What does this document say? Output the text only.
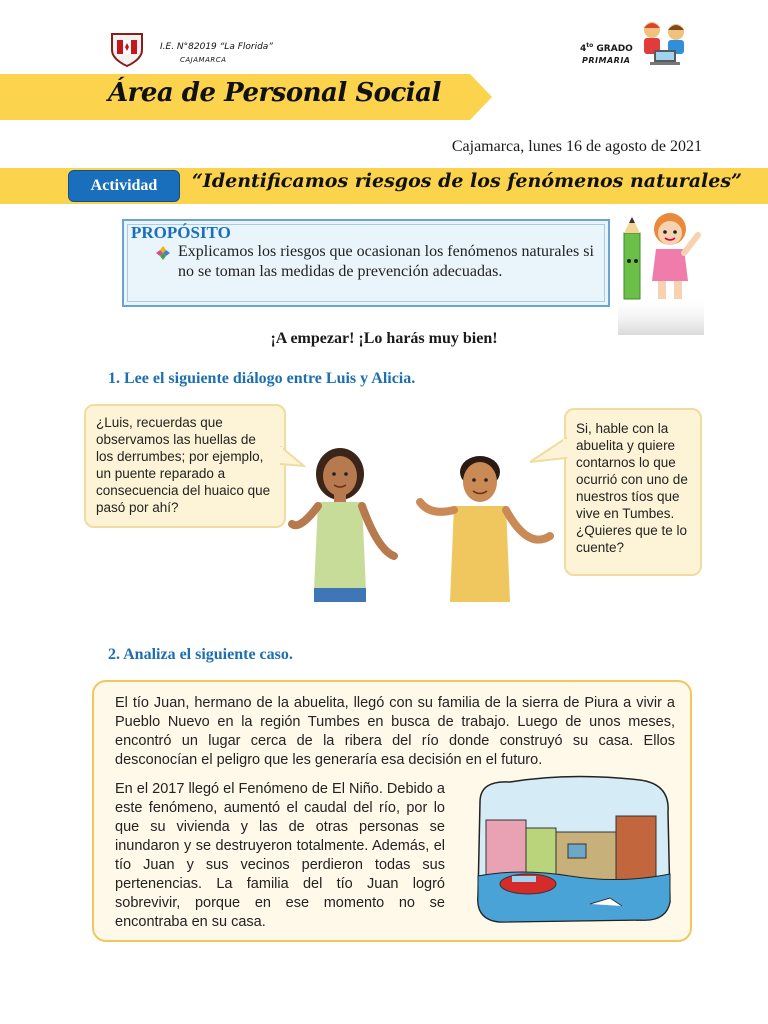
I.E. N°82019 “La Florida”
CAJAMARCA
$4^{to}$ GRADO
PRIMARIA
Área de Personal Social
Cajamarca, lunes 16 de agosto de 2021
Actividad	“Identificamos riesgos de los fenómenos naturales”
PROPÓSITO
Explicamos los riesgos que ocasionan los fenómenos naturales si no se toman las medidas de prevención adecuadas.
¡A empezar! ¡Lo harás muy bien!
1. Lee el siguiente diálogo entre Luis y Alicia.
¿Luis, recuerdas que observamos las huellas de los derrumbes; por ejemplo, un puente reparado a consecuencia del huaico que pasó por ahí?
Si, hable con la abuelita y quiere contarnos lo que ocurrió con uno de nuestros tíos que vive en Tumbes. ¿Quieres que te lo cuente?
2. Analiza el siguiente caso.
El tío Juan, hermano de la abuelita, llegó con su familia de la sierra de Piura a vivir a Pueblo Nuevo en la región Tumbes en busca de trabajo. Luego de unos meses, encontró un lugar cerca de la ribera del río donde construyó su casa. Ellos desconocían el peligro que les generaría esa decisión en el futuro.
En el 2017 llegó el Fenómeno de El Niño. Debido a este fenómeno, aumentó el caudal del río, por lo que su vivienda y las de otras personas se inundaron y se destruyeron totalmente. Además, el tío Juan y sus vecinos perdieron todas sus pertenencias. La familia del tío Juan logró sobrevivir, porque en ese momento no se encontraba en su casa.
